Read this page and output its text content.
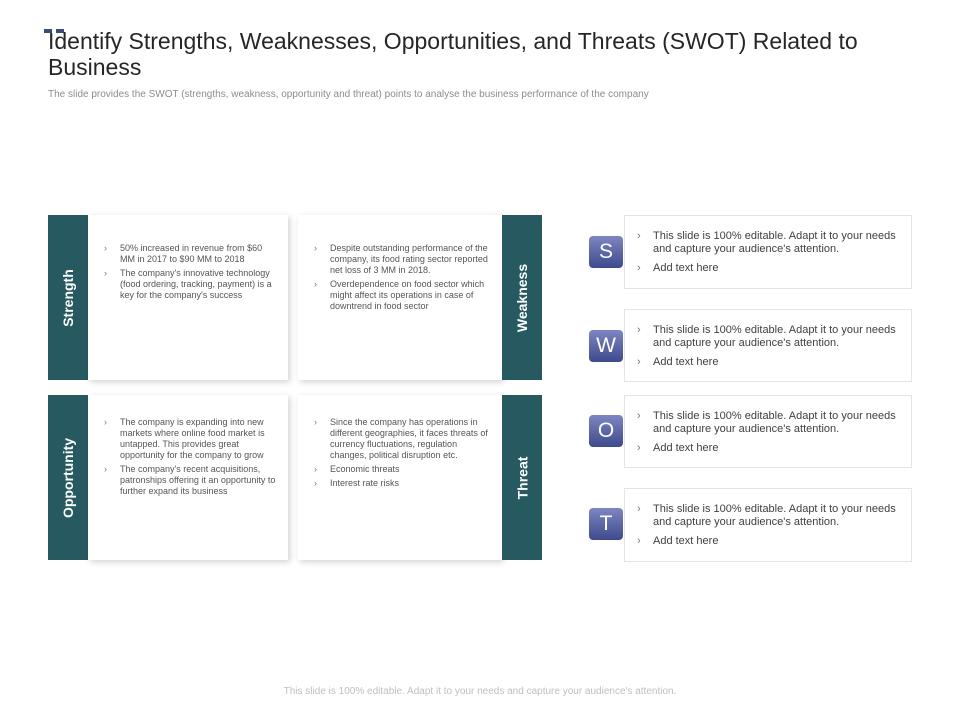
Identify Strengths, Weaknesses, Opportunities, and Threats (SWOT) Related to Business
The slide provides the SWOT (strengths, weakness, opportunity and threat) points to analyse the business performance of the company
Strength
› 50% increased in revenue from $60 MM in 2017 to $90 MM to 2018
› The company's innovative technology (food ordering, tracking, payment) is a key for the company's success
› Despite outstanding performance of the company, its food rating sector reported net loss of 3 MM in 2018.
› Overdependence on food sector which might affect its operations in case of downtrend in food sector	Weakness
Opportunity
› The company is expanding into new markets where online food market is untapped. This provides great opportunity for the company to grow
› The company's recent acquisitions, patronships offering it an opportunity to further expand its business
› Since the company has operations in different geographies, it faces threats of currency fluctuations, regulation changes, political disruption etc.
› Economic threats
› Interest rate risks	Threat
S
› This slide is 100% editable. Adapt it to your needs and capture your audience's attention.
› Add text here
W
› This slide is 100% editable. Adapt it to your needs and capture your audience's attention.
› Add text here
O
› This slide is 100% editable. Adapt it to your needs and capture your audience's attention.
› Add text here
T
› This slide is 100% editable. Adapt it to your needs and capture your audience's attention.
› Add text here
This slide is 100% editable. Adapt it to your needs and capture your audience's attention.
